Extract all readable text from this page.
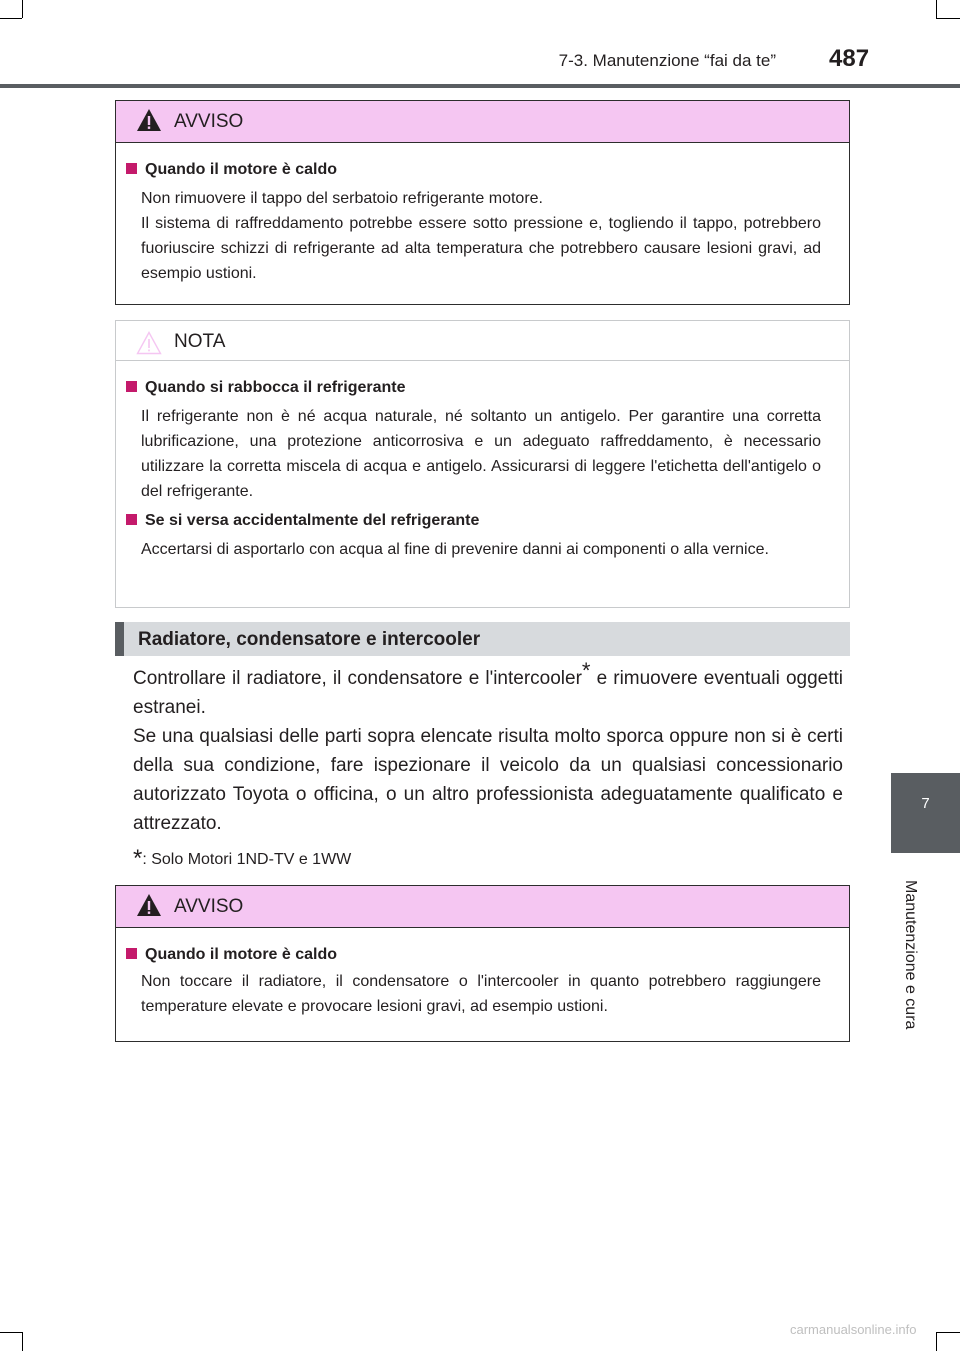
7-3. Manutenzione “fai da te” 487
7
Manutenzione e cura
AVVISO
Quando il motore è caldo
Non rimuovere il tappo del serbatoio refrigerante motore.
Il sistema di raffreddamento potrebbe essere sotto pressione e, togliendo il tappo, potrebbero fuoriuscire schizzi di refrigerante ad alta temperatura che potrebbero causare lesioni gravi, ad esempio ustioni.
NOTA
Quando si rabbocca il refrigerante
Il refrigerante non è né acqua naturale, né soltanto un antigelo. Per garantire una corretta lubrificazione, una protezione anticorrosiva e un adeguato raffreddamento, è necessario utilizzare la corretta miscela di acqua e antigelo. Assicurarsi di leggere l'etichetta dell'antigelo o del refrigerante.
Se si versa accidentalmente del refrigerante
Accertarsi di asportarlo con acqua al fine di prevenire danni ai componenti o alla vernice.
Radiatore, condensatore e intercooler
Controllare il radiatore, il condensatore e l'intercooler* e rimuovere eventuali oggetti estranei.
Se una qualsiasi delle parti sopra elencate risulta molto sporca oppure non si è certi della sua condizione, fare ispezionare il veicolo da un qualsiasi concessionario autorizzato Toyota o officina, o un altro professionista adeguatamente qualificato e attrezzato.
*: Solo Motori 1ND-TV e 1WW
AVVISO
Quando il motore è caldo
Non toccare il radiatore, il condensatore o l'intercooler in quanto potrebbero raggiungere temperature elevate e provocare lesioni gravi, ad esempio ustioni.
carmanualsonline.info
